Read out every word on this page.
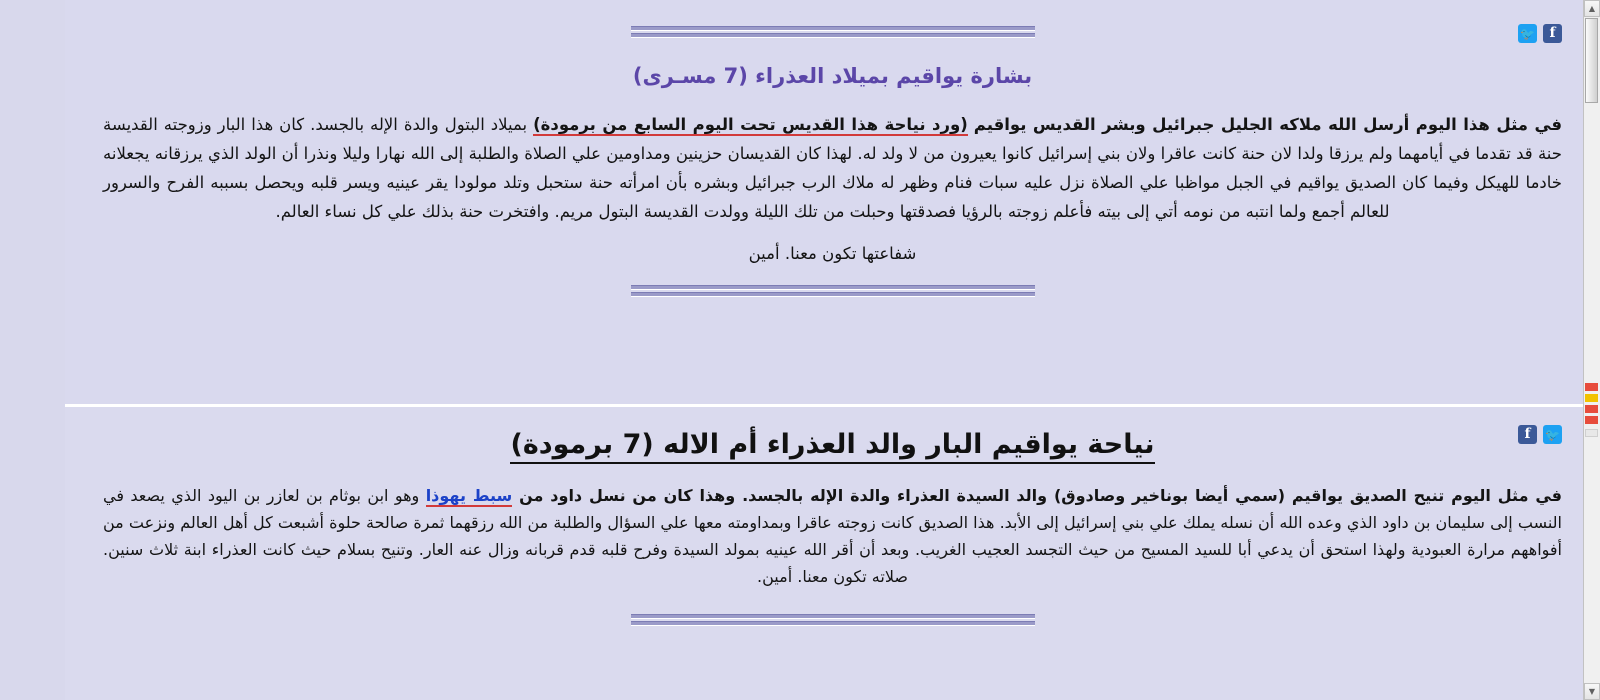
f
🐦
بشارة يواقيم بميلاد العذراء (7 مسـرى)

في مثل هذا اليوم أرسل الله ملاكه الجليل جبرائيل وبشر القديس يواقيم (ورد نياحة هذا القديس تحت اليوم السابع من برمودة) بميلاد البتول والدة الإله بالجسد. كان هذا البار وزوجته القديسة حنة قد تقدما في أيامهما ولم يرزقا ولدا لان حنة كانت عاقرا ولان بني إسرائيل كانوا يعيرون من لا ولد له. لهذا كان القديسان حزينين ومداومين علي الصلاة والطلبة إلى الله نهارا وليلا ونذرا أن الولد الذي يرزقانه يجعلانه خادما للهيكل وفيما كان الصديق يواقيم في الجبل مواظبا علي الصلاة نزل عليه سبات فنام وظهر له ملاك الرب جبرائيل وبشره بأن امرأته حنة ستحبل وتلد مولودا يقر عينيه ويسر قلبه ويحصل بسببه الفرح والسرور للعالم أجمع ولما انتبه من نومه أتي إلى بيته فأعلم زوجته بالرؤيا فصدقتها وحبلت من تلك الليلة وولدت القديسة البتول مريم. وافتخرت حنة بذلك علي كل نساء العالم.

شفاعتها تكون معنا. أمين

🐦
f
نياحة يواقيم البار والد العذراء أم الاله (7 برمودة)

في مثل اليوم تنيح الصديق يواقيم (سمي أيضا بوناخير وصادوق) والد السيدة العذراء والدة الإله بالجسد. وهذا كان من نسل داود من سبط يهوذا وهو ابن بوثام بن لعازر بن اليود الذي يصعد في النسب إلى سليمان بن داود الذي وعده الله أن نسله يملك علي بني إسرائيل إلى الأبد. هذا الصديق كانت زوجته عاقرا وبمداومته معها علي السؤال والطلبة من الله رزقهما ثمرة صالحة حلوة أشبعت كل أهل العالم ونزعت من أفواههم مرارة العبودية ولهذا استحق أن يدعي أبا للسيد المسيح من حيث التجسد العجيب الغريب. وبعد أن أقر الله عينيه بمولد السيدة وفرح قلبه قدم قربانه وزال عنه العار. وتنيح بسلام حيث كانت العذراء ابنة ثلاث سنين. صلاته تكون معنا. أمين.

▲
▼
